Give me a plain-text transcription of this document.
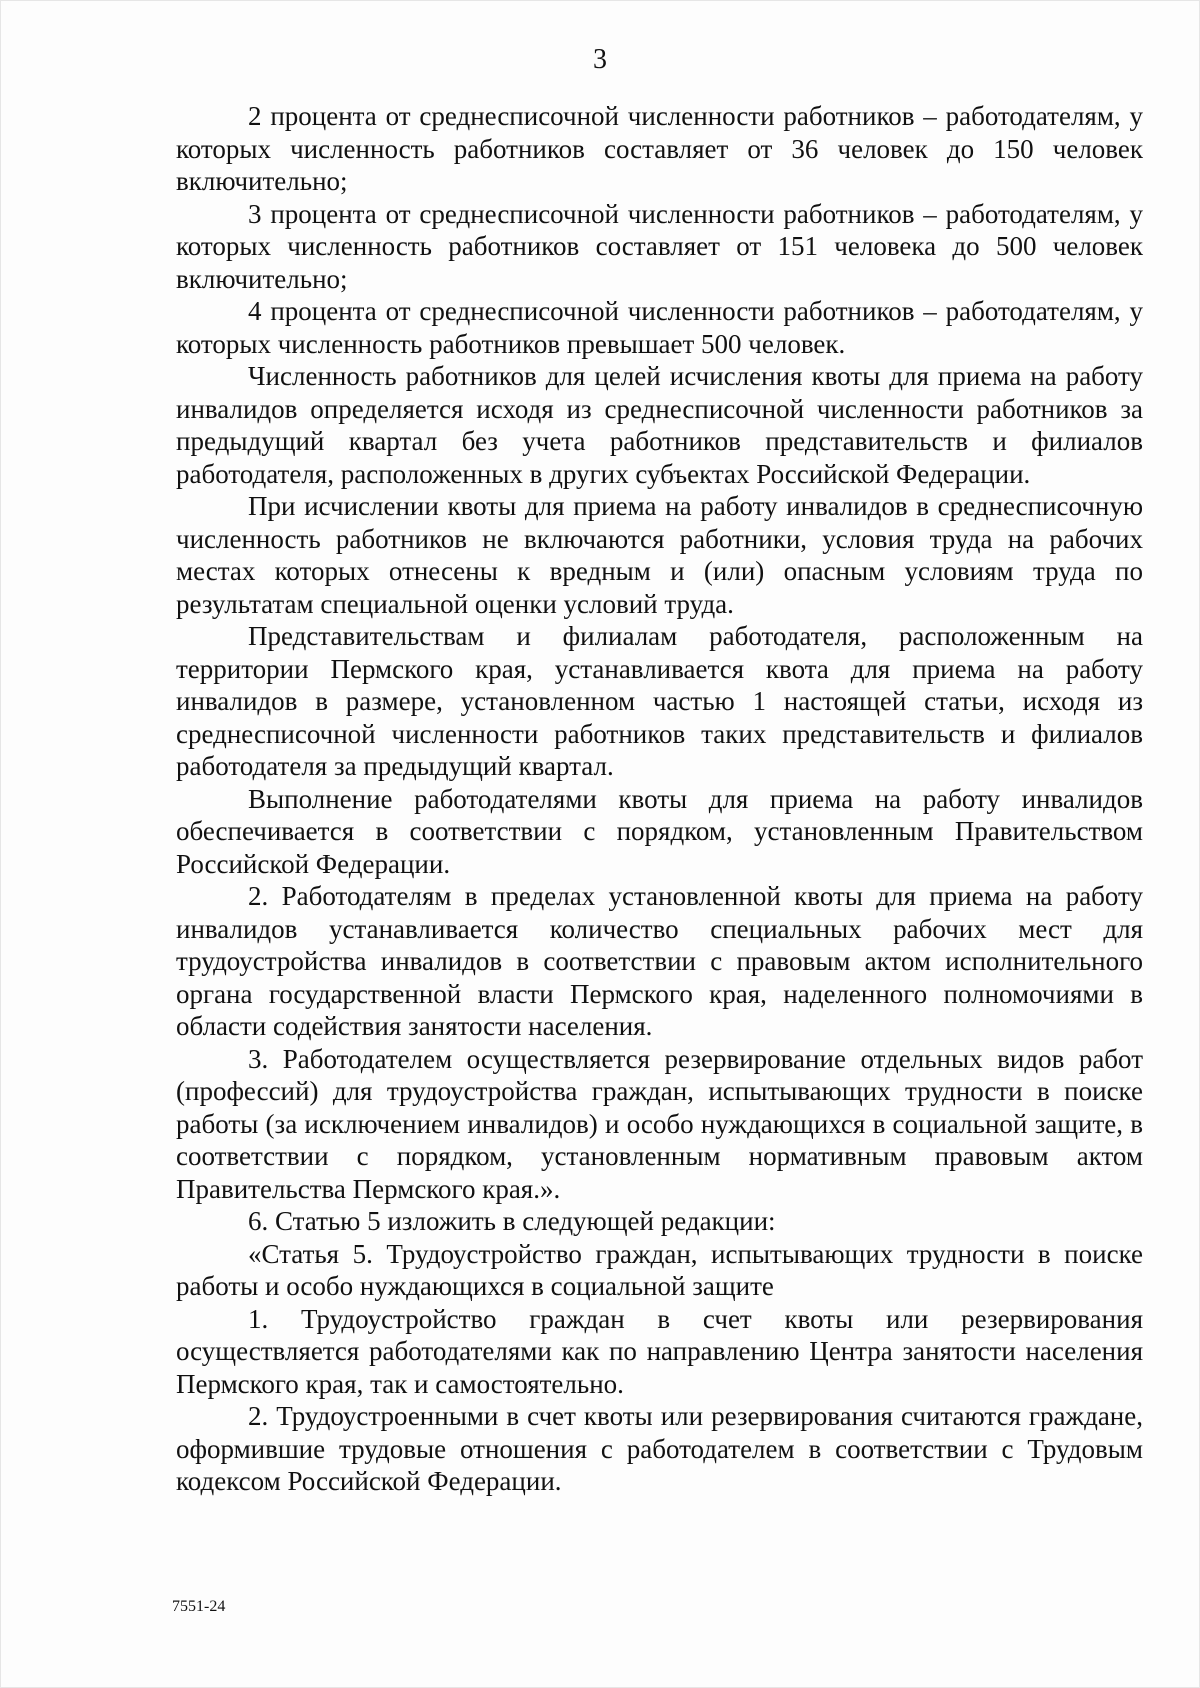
3

2 процента от среднесписочной численности работников – работодателям, у которых численность работников составляет от 36 человек до 150 человек включительно;

3 процента от среднесписочной численности работников – работодателям, у которых численность работников составляет от 151 человека до 500 человек включительно;

4 процента от среднесписочной численности работников – работодателям, у которых численность работников превышает 500 человек.

Численность работников для целей исчисления квоты для приема на работу инвалидов определяется исходя из среднесписочной численности работников за предыдущий квартал без учета работников представительств и филиалов работодателя, расположенных в других субъектах Российской Федерации.

При исчислении квоты для приема на работу инвалидов в среднесписочную численность работников не включаются работники, условия труда на рабочих местах которых отнесены к вредным и (или) опасным условиям труда по результатам специальной оценки условий труда.

Представительствам и филиалам работодателя, расположенным на территории Пермского края, устанавливается квота для приема на работу инвалидов в размере, установленном частью 1 настоящей статьи, исходя из среднесписочной численности работников таких представительств и филиалов работодателя за предыдущий квартал.

Выполнение работодателями квоты для приема на работу инвалидов обеспечивается в соответствии с порядком, установленным Правительством Российской Федерации.

2. Работодателям в пределах установленной квоты для приема на работу инвалидов устанавливается количество специальных рабочих мест для трудоустройства инвалидов в соответствии с правовым актом исполнительного органа государственной власти Пермского края, наделенного полномочиями в области содействия занятости населения.

3. Работодателем осуществляется резервирование отдельных видов работ (профессий) для трудоустройства граждан, испытывающих трудности в поиске работы (за исключением инвалидов) и особо нуждающихся в социальной защите, в соответствии с порядком, установленным нормативным правовым актом Правительства Пермского края.».

6. Статью 5 изложить в следующей редакции:

«Статья 5. Трудоустройство граждан, испытывающих трудности в поиске работы и особо нуждающихся в социальной защите

1. Трудоустройство граждан в счет квоты или резервирования осуществляется работодателями как по направлению Центра занятости населения Пермского края, так и самостоятельно.

2. Трудоустроенными в счет квоты или резервирования считаются граждане, оформившие трудовые отношения с работодателем в соответствии с Трудовым кодексом Российской Федерации.

7551-24
